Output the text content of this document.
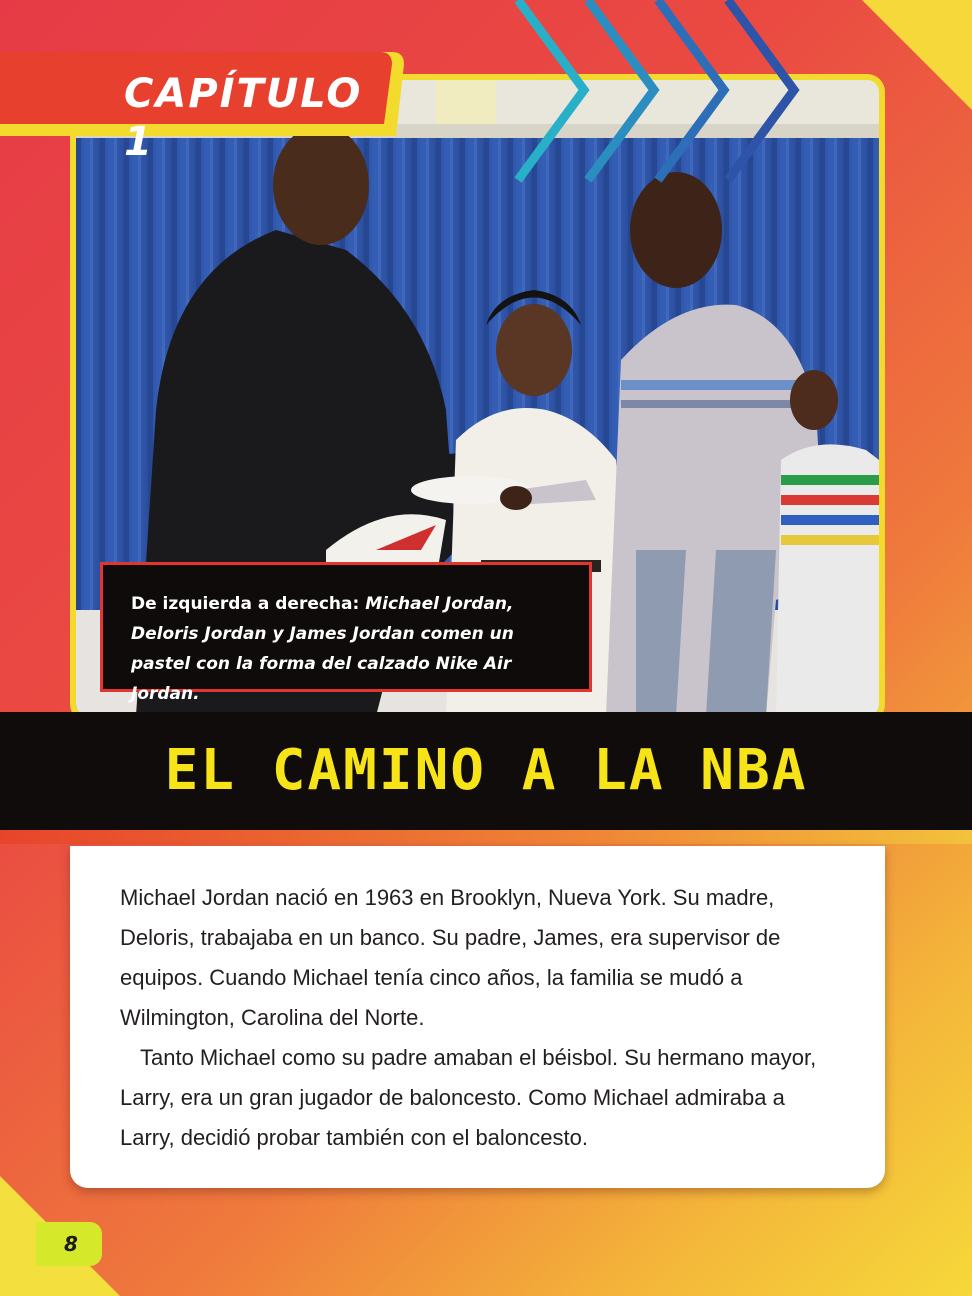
CAPÍTULO 1

De izquierda a derecha: Michael Jordan, Deloris Jordan y James Jordan comen un pastel con la forma del calzado Nike Air Jordan.

EL CAMINO A LA NBA

Michael Jordan nació en 1963 en Brooklyn, Nueva York. Su madre, Deloris, trabajaba en un banco. Su padre, James, era supervisor de equipos. Cuando Michael tenía cinco años, la familia se mudó a Wilmington, Carolina del Norte.

Tanto Michael como su padre amaban el béisbol. Su hermano mayor, Larry, era un gran jugador de baloncesto. Como Michael admiraba a Larry, decidió probar también con el baloncesto.

8
